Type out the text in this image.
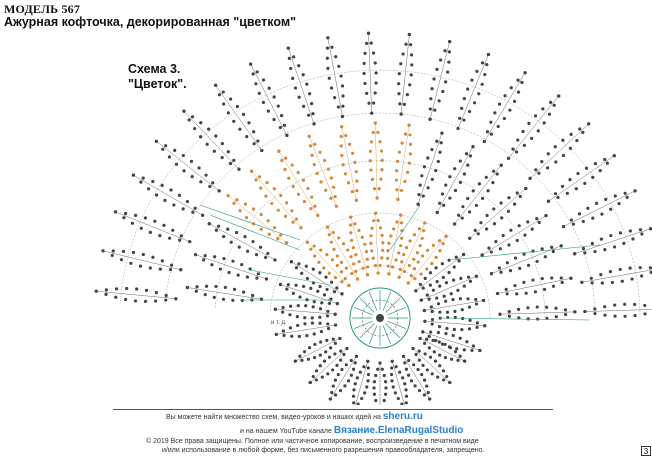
МОДЕЛЬ 567
Ажурная кофточка, декорированная "цветком"
Схема 3.
"Цветок".
и т. д.
Вы можете найти множество схем, видео-уроков и наших идей на sheru.ru
и на нашем YouTube канале Вязание.ElenaRugalStudio
© 2019 Все права защищены. Полное или частичное копирование, воспроизведение в печатном виде
и/или использование в любой форме, без письменного разрешения правообладателя, запрещено.	3
